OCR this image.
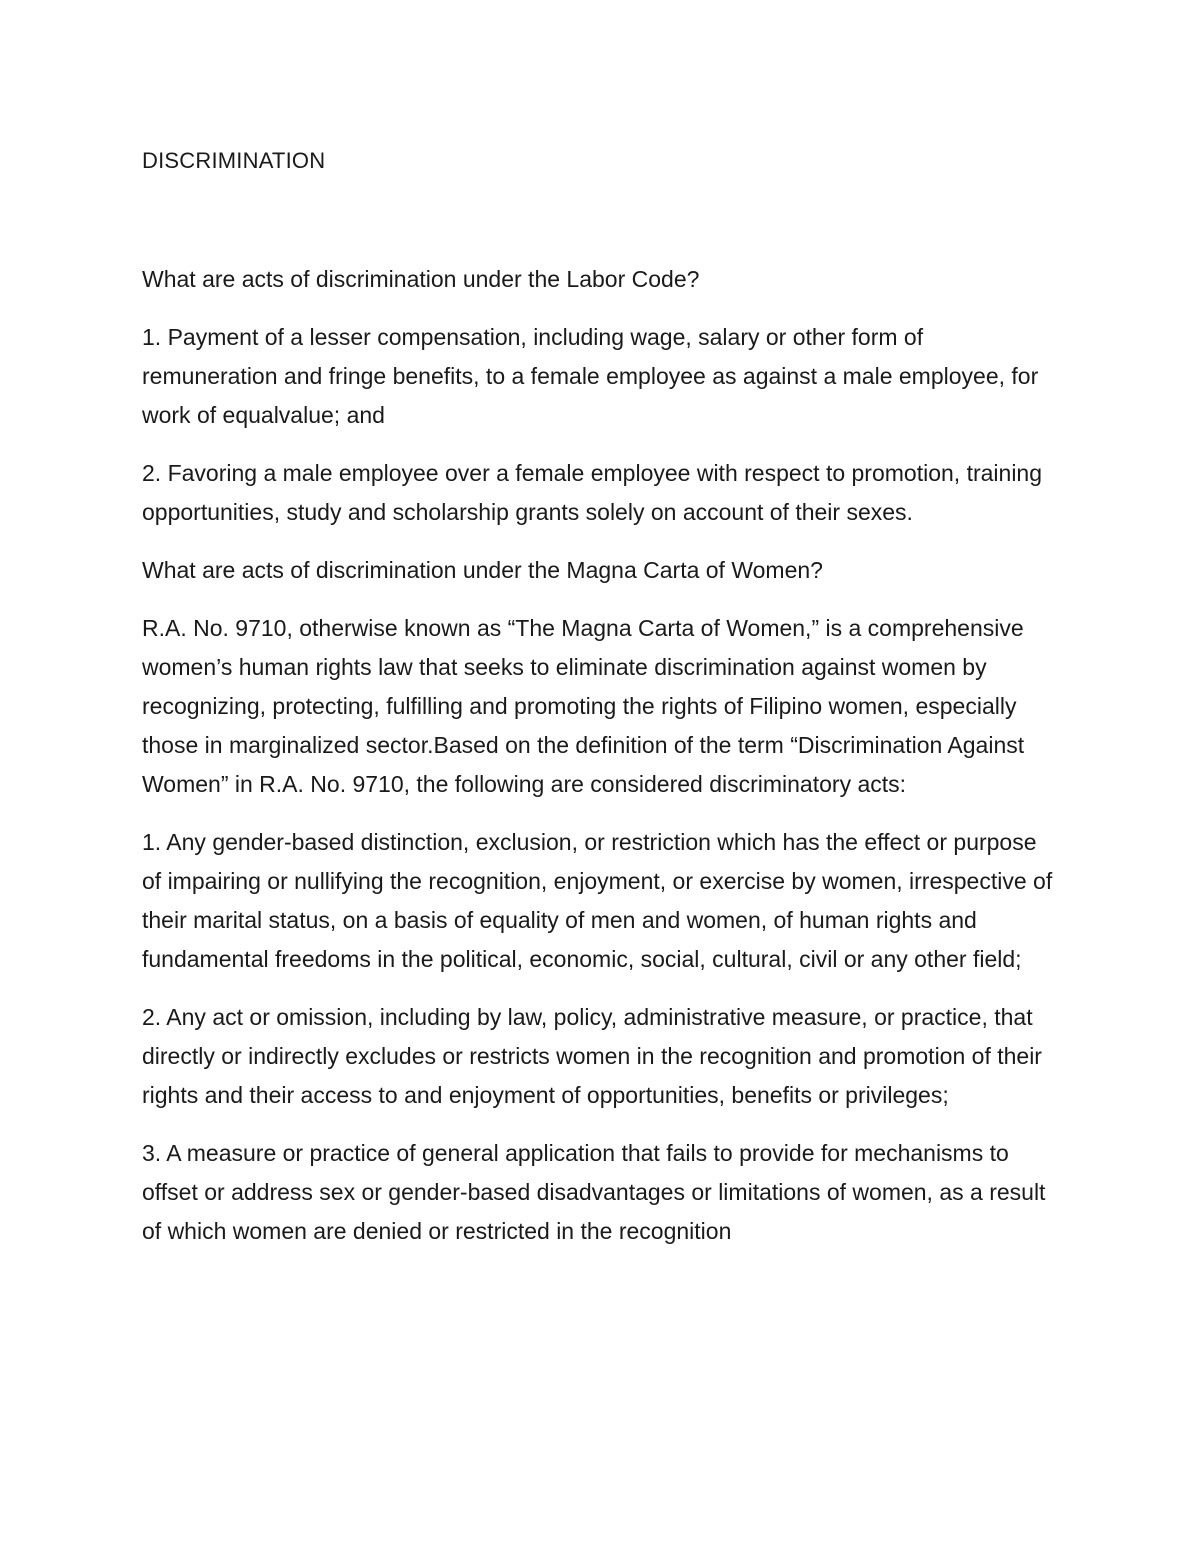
DISCRIMINATION

What are acts of discrimination under the Labor Code?

1. Payment of a lesser compensation, including wage, salary or other form of remuneration and fringe benefits, to a female employee as against a male employee, for work of equalvalue; and

2. Favoring a male employee over a female employee with respect to promotion, training opportunities, study and scholarship grants solely on account of their sexes.

What are acts of discrimination under the Magna Carta of Women?

R.A. No. 9710, otherwise known as “The Magna Carta of Women,” is a comprehensive women’s human rights law that seeks to eliminate discrimination against women by recognizing, protecting, fulfilling and promoting the rights of Filipino women, especially those in marginalized sector.Based on the definition of the term “Discrimination Against Women” in R.A. No. 9710, the following are considered discriminatory acts:

1. Any gender-based distinction, exclusion, or restriction which has the effect or purpose of impairing or nullifying the recognition, enjoyment, or exercise by women, irrespective of their marital status, on a basis of equality of men and women, of human rights and fundamental freedoms in the political, economic, social, cultural, civil or any other field;

2. Any act or omission, including by law, policy, administrative measure, or practice, that directly or indirectly excludes or restricts women in the recognition and promotion of their rights and their access to and enjoyment of opportunities, benefits or privileges;

3. A measure or practice of general application that fails to provide for mechanisms to offset or address sex or gender-based disadvantages or limitations of women, as a result of which women are denied or restricted in the recognition
